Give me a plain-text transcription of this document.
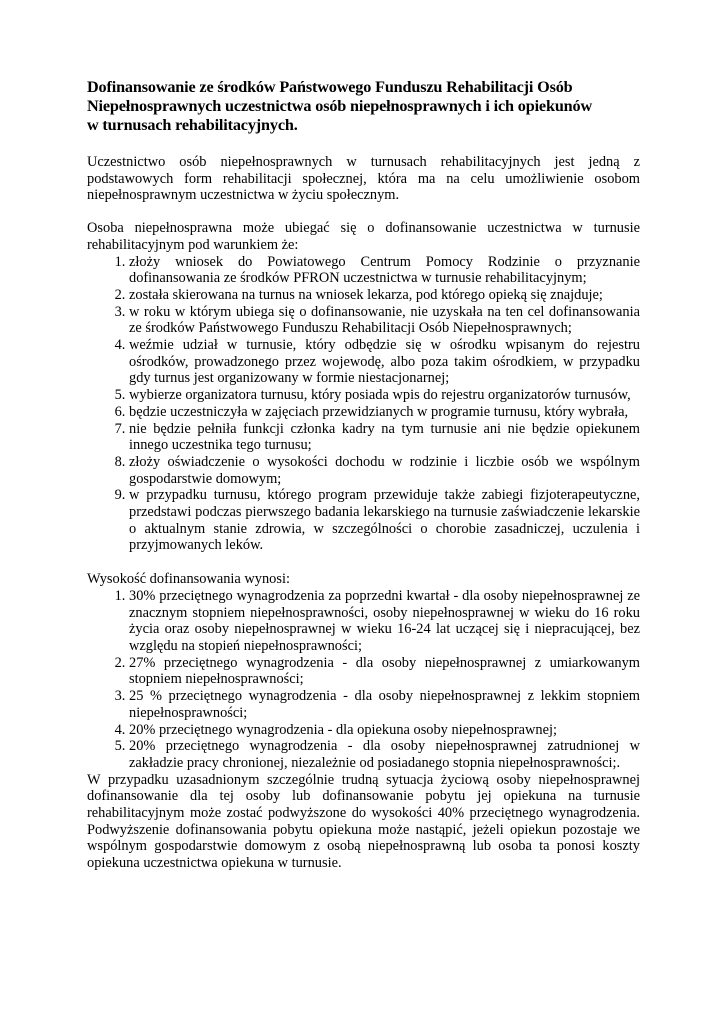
Dofinansowanie ze środków Państwowego Funduszu Rehabilitacji Osób
Niepełnosprawnych uczestnictwa osób niepełnosprawnych i ich opiekunów
w turnusach rehabilitacyjnych.

Uczestnictwo osób niepełnosprawnych w turnusach rehabilitacyjnych jest jedną z podstawowych form rehabilitacji społecznej, która ma na celu umożliwienie osobom niepełnosprawnym uczestnictwa w życiu społecznym.

Osoba niepełnosprawna może ubiegać się o dofinansowanie uczestnictwa w turnusie rehabilitacyjnym pod warunkiem że:

1. złoży wniosek do Powiatowego Centrum Pomocy Rodzinie o przyznanie dofinansowania ze środków PFRON uczestnictwa w turnusie rehabilitacyjnym;
2. została skierowana na turnus na wniosek lekarza, pod którego opieką się znajduje;
3. w roku w którym ubiega się o dofinansowanie, nie uzyskała na ten cel dofinansowania ze środków Państwowego Funduszu Rehabilitacji Osób Niepełnosprawnych;
4. weźmie udział w turnusie, który odbędzie się w ośrodku wpisanym do rejestru ośrodków, prowadzonego przez wojewodę, albo poza takim ośrodkiem, w przypadku gdy turnus jest organizowany w formie niestacjonarnej;
5. wybierze organizatora turnusu, który posiada wpis do rejestru organizatorów turnusów,
6. będzie uczestniczyła w zajęciach przewidzianych w programie turnusu, który wybrała,
7. nie będzie pełniła funkcji członka kadry na tym turnusie ani nie będzie opiekunem innego uczestnika tego turnusu;
8. złoży oświadczenie o wysokości dochodu w rodzinie i liczbie osób we wspólnym gospodarstwie domowym;
9. w przypadku turnusu, którego program przewiduje także zabiegi fizjoterapeutyczne, przedstawi podczas pierwszego badania lekarskiego na turnusie zaświadczenie lekarskie o aktualnym stanie zdrowia, w szczególności o chorobie zasadniczej, uczulenia i przyjmowanych leków.

Wysokość dofinansowania wynosi:

1. 30% przeciętnego wynagrodzenia za poprzedni kwartał - dla osoby niepełnosprawnej ze znacznym stopniem niepełnosprawności, osoby niepełnosprawnej w wieku do 16 roku życia oraz osoby niepełnosprawnej w wieku 16-24 lat uczącej się i niepracującej, bez względu na stopień niepełnosprawności;
2. 27% przeciętnego wynagrodzenia - dla osoby niepełnosprawnej z umiarkowanym stopniem niepełnosprawności;
3. 25 % przeciętnego wynagrodzenia - dla osoby niepełnosprawnej z lekkim stopniem niepełnosprawności;
4. 20% przeciętnego wynagrodzenia - dla opiekuna osoby niepełnosprawnej;
5. 20% przeciętnego wynagrodzenia - dla osoby niepełnosprawnej zatrudnionej w zakładzie pracy chronionej, niezależnie od posiadanego stopnia niepełnosprawności;.

W przypadku uzasadnionym szczególnie trudną sytuacja życiową osoby niepełnosprawnej dofinansowanie dla tej osoby lub dofinansowanie pobytu jej opiekuna na turnusie rehabilitacyjnym może zostać podwyższone do wysokości 40% przeciętnego wynagrodzenia. Podwyższenie dofinansowania pobytu opiekuna może nastąpić, jeżeli opiekun pozostaje we wspólnym gospodarstwie domowym z osobą niepełnosprawną lub osoba ta ponosi koszty opiekuna uczestnictwa opiekuna w turnusie.
